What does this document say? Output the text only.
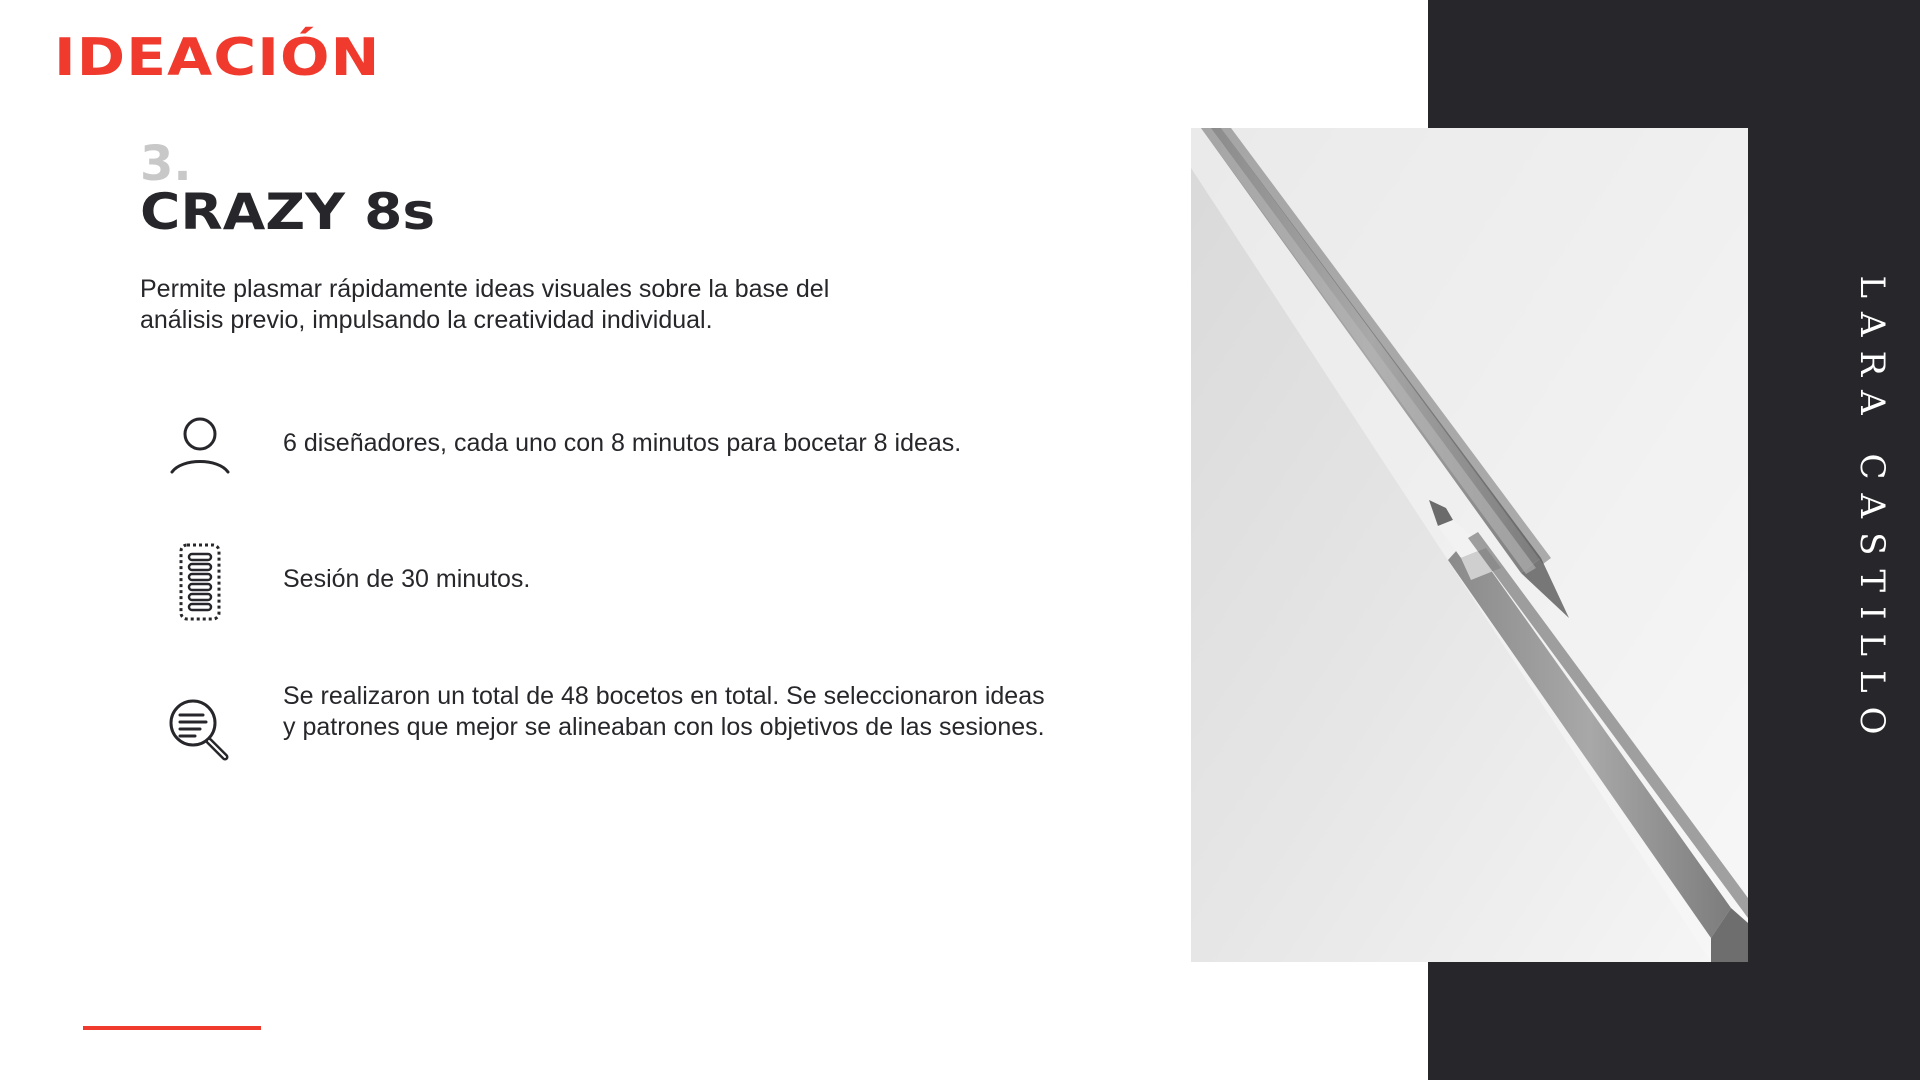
IDEACIÓN
3.
CRAZY 8s

Permite plasmar rápidamente ideas visuales sobre la base del análisis previo, impulsando la creatividad individual.

6 diseñadores, cada uno con 8 minutos para bocetar 8 ideas.
Sesión de 30 minutos.
Se realizaron un total de 48 bocetos en total. Se seleccionaron ideas y patrones que mejor se alineaban con los objetivos de las sesiones.	LARA CASTILLO
